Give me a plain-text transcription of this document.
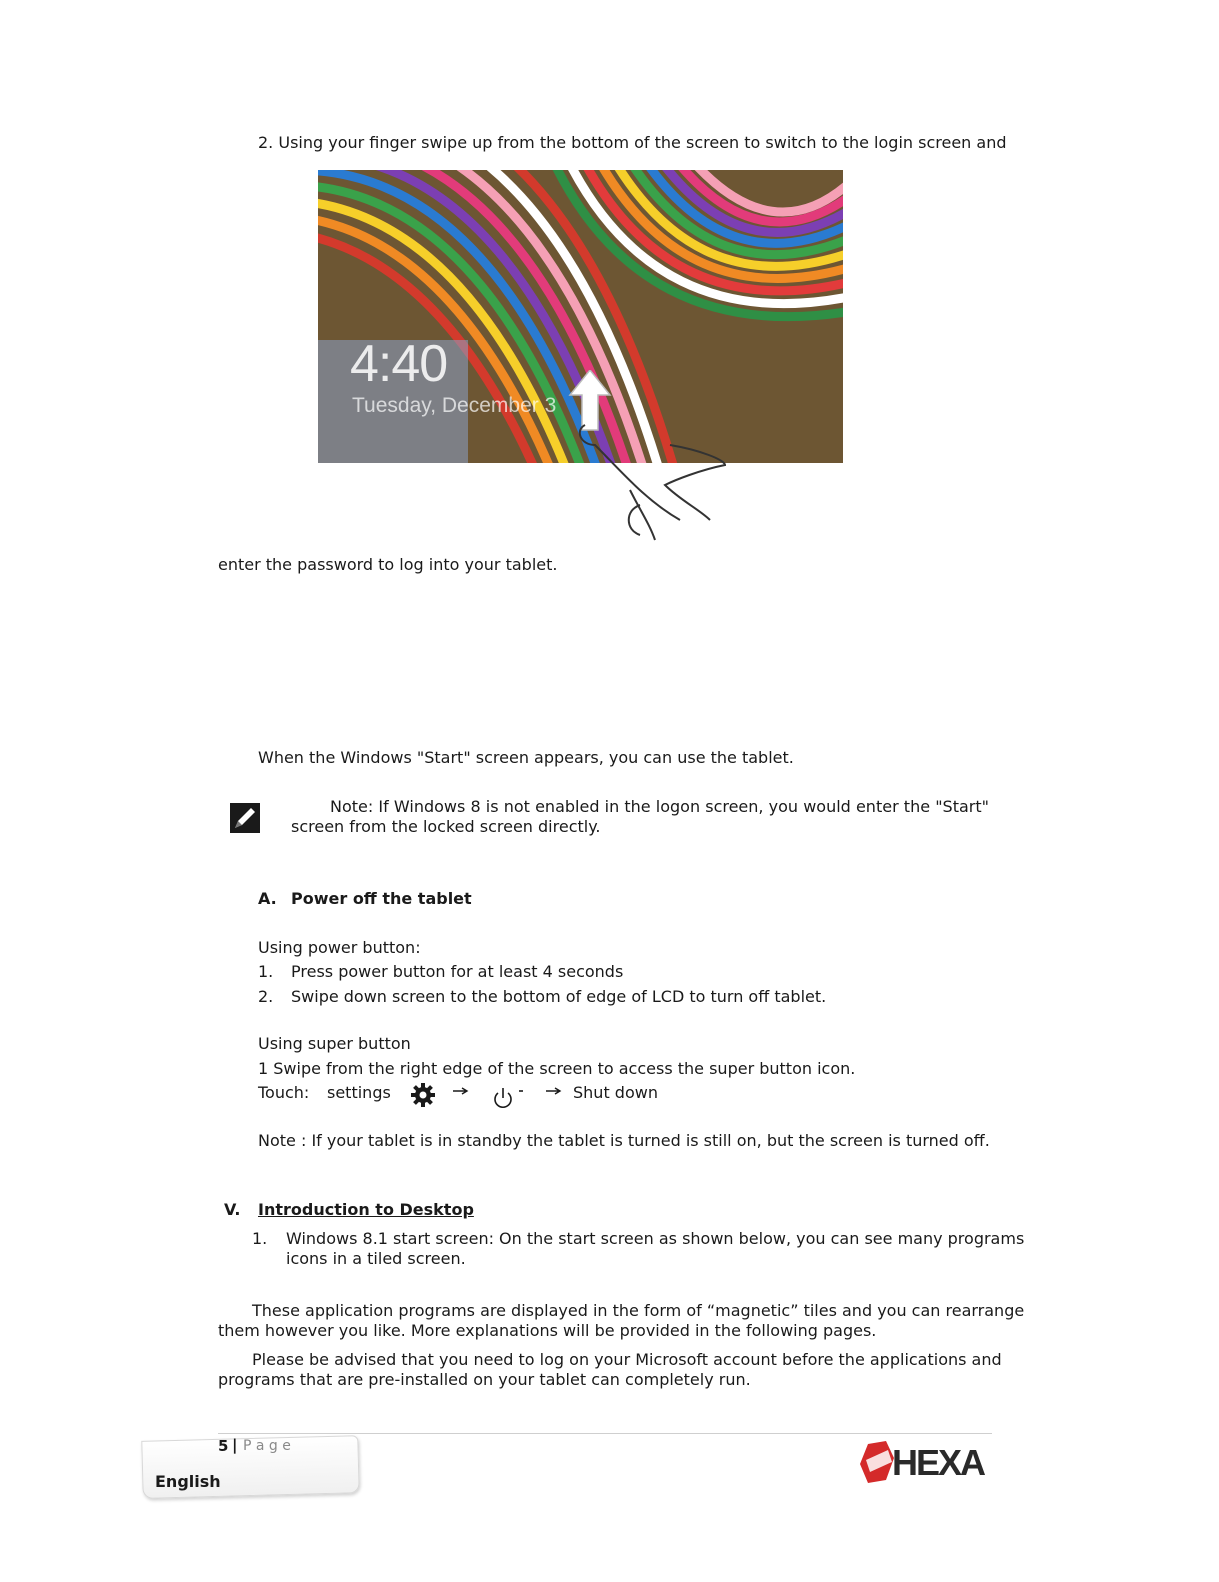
2. Using your finger swipe up from the bottom of the screen to switch to the login screen and
4:40
Tuesday, December 3
enter the password to log into your tablet.
When the Windows "Start" screen appears, you can use the tablet.
Note: If Windows 8 is not enabled in the logon screen, you would enter the "Start"
screen from the locked screen directly.
A. Power off the tablet
Using power button:
1. Press power button for at least 4 seconds
2. Swipe down screen to the bottom of edge of LCD to turn off tablet.
Using super button
1 Swipe from the right edge of the screen to access the super button icon.
Touch: settings	Shut down
Note : If your tablet is in standby the tablet is turned is still on, but the screen is turned off.
V. Introduction to Desktop
1. Windows 8.1 start screen: On the start screen as shown below, you can see many programs
icons in a tiled screen.
These application programs are displayed in the form of “magnetic” tiles and you can rearrange
them however you like. More explanations will be provided in the following pages.
Please be advised that you need to log on your Microsoft account before the applications and
programs that are pre-installed on your tablet can completely run.
5 | P a g e
English	HEXA
